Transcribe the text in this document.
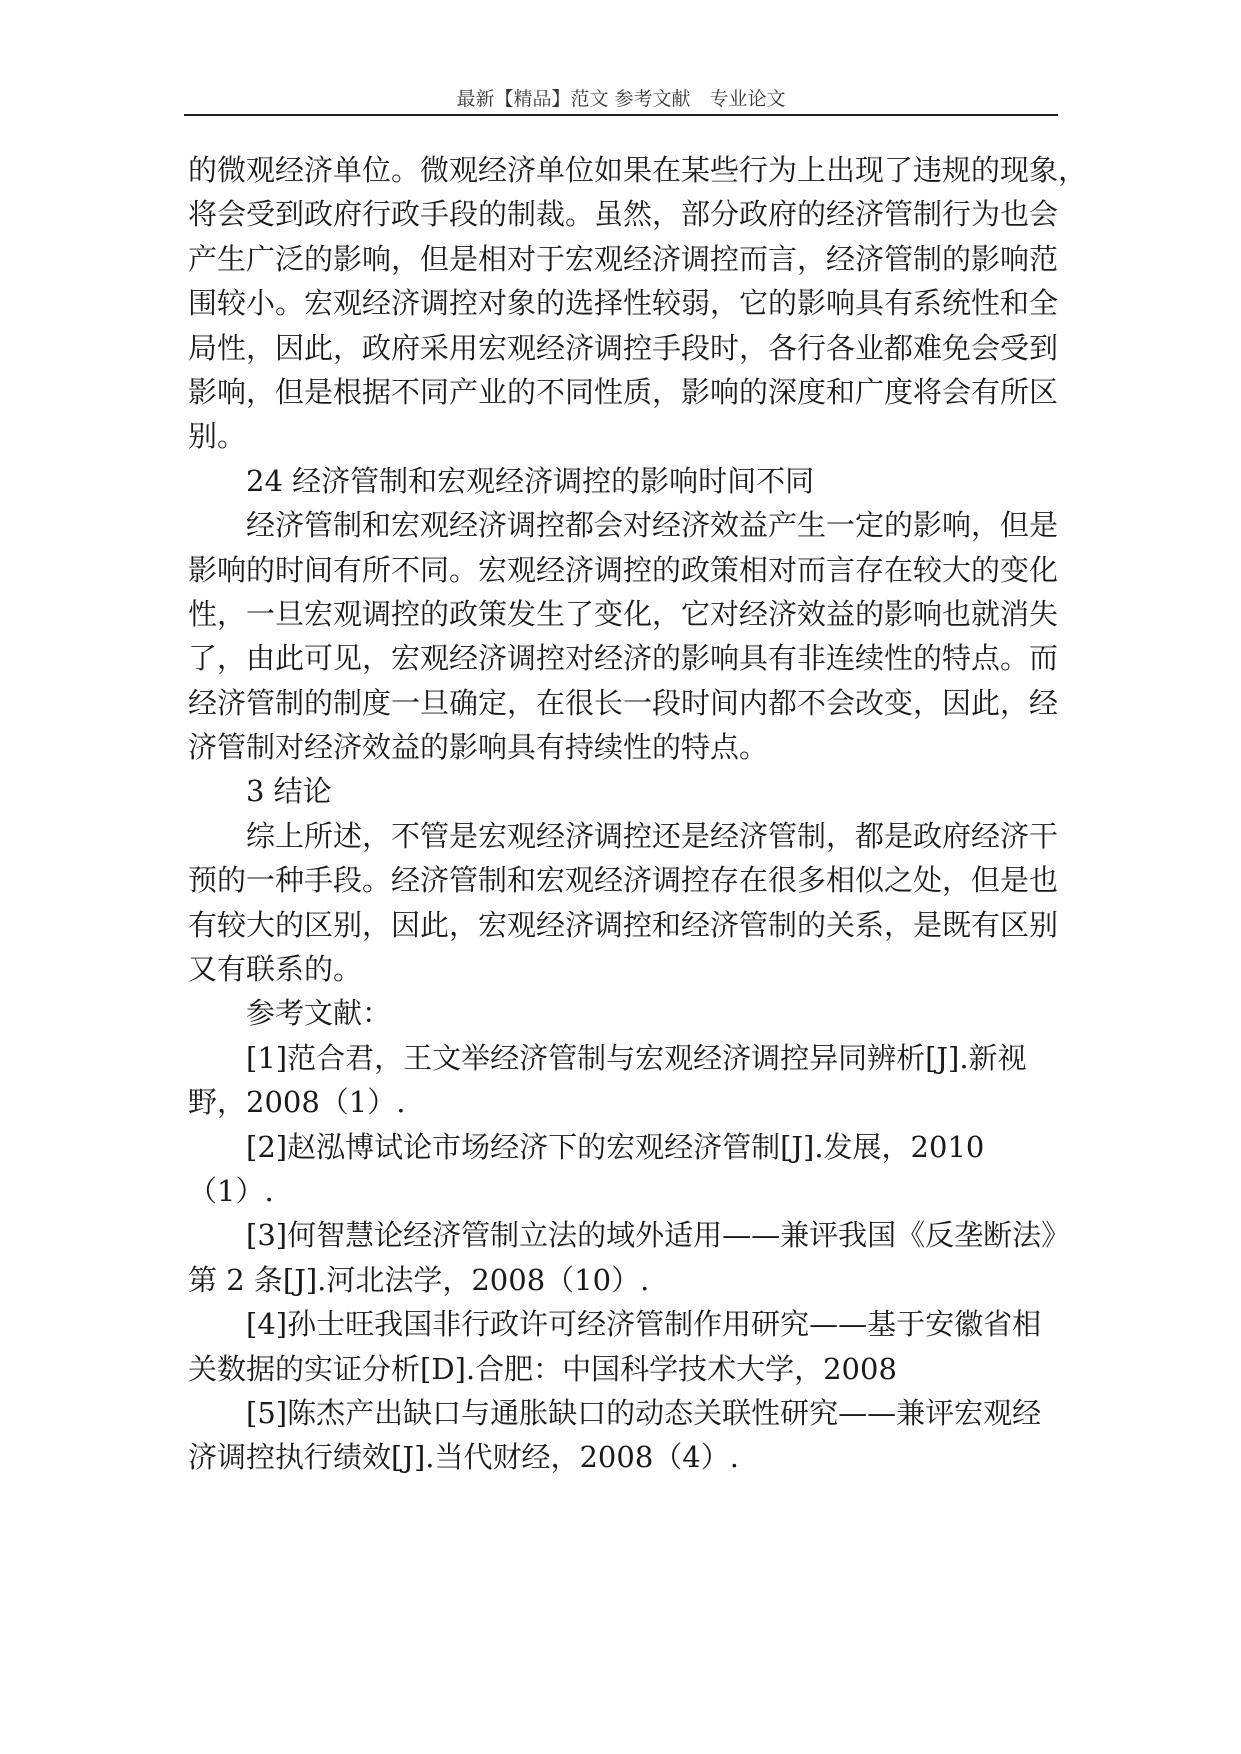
最新【精品】范文 参考文献　专业论文
的微观经济单位。微观经济单位如果在某些行为上出现了违规的现象，
将会受到政府行政手段的制裁。虽然，部分政府的经济管制行为也会
产生广泛的影响，但是相对于宏观经济调控而言，经济管制的影响范
围较小。宏观经济调控对象的选择性较弱，它的影响具有系统性和全
局性，因此，政府采用宏观经济调控手段时，各行各业都难免会受到
影响，但是根据不同产业的不同性质，影响的深度和广度将会有所区
别。
24 经济管制和宏观经济调控的影响时间不同
经济管制和宏观经济调控都会对经济效益产生一定的影响，但是
影响的时间有所不同。宏观经济调控的政策相对而言存在较大的变化
性，一旦宏观调控的政策发生了变化，它对经济效益的影响也就消失
了，由此可见，宏观经济调控对经济的影响具有非连续性的特点。而
经济管制的制度一旦确定，在很长一段时间内都不会改变，因此，经
济管制对经济效益的影响具有持续性的特点。
3 结论
综上所述，不管是宏观经济调控还是经济管制，都是政府经济干
预的一种手段。经济管制和宏观经济调控存在很多相似之处，但是也
有较大的区别，因此，宏观经济调控和经济管制的关系，是既有区别
又有联系的。
参考文献：
[1]范合君，王文举经济管制与宏观经济调控异同辨析[J].新视
野，2008（1）.
[2]赵泓博试论市场经济下的宏观经济管制[J].发展，2010
（1）.
[3]何智慧论经济管制立法的域外适用——兼评我国《反垄断法》
第 2 条[J].河北法学，2008（10）.
[4]孙士旺我国非行政许可经济管制作用研究——基于安徽省相
关数据的实证分析[D].合肥：中国科学技术大学，2008
[5]陈杰产出缺口与通胀缺口的动态关联性研究——兼评宏观经
济调控执行绩效[J].当代财经，2008（4）.
